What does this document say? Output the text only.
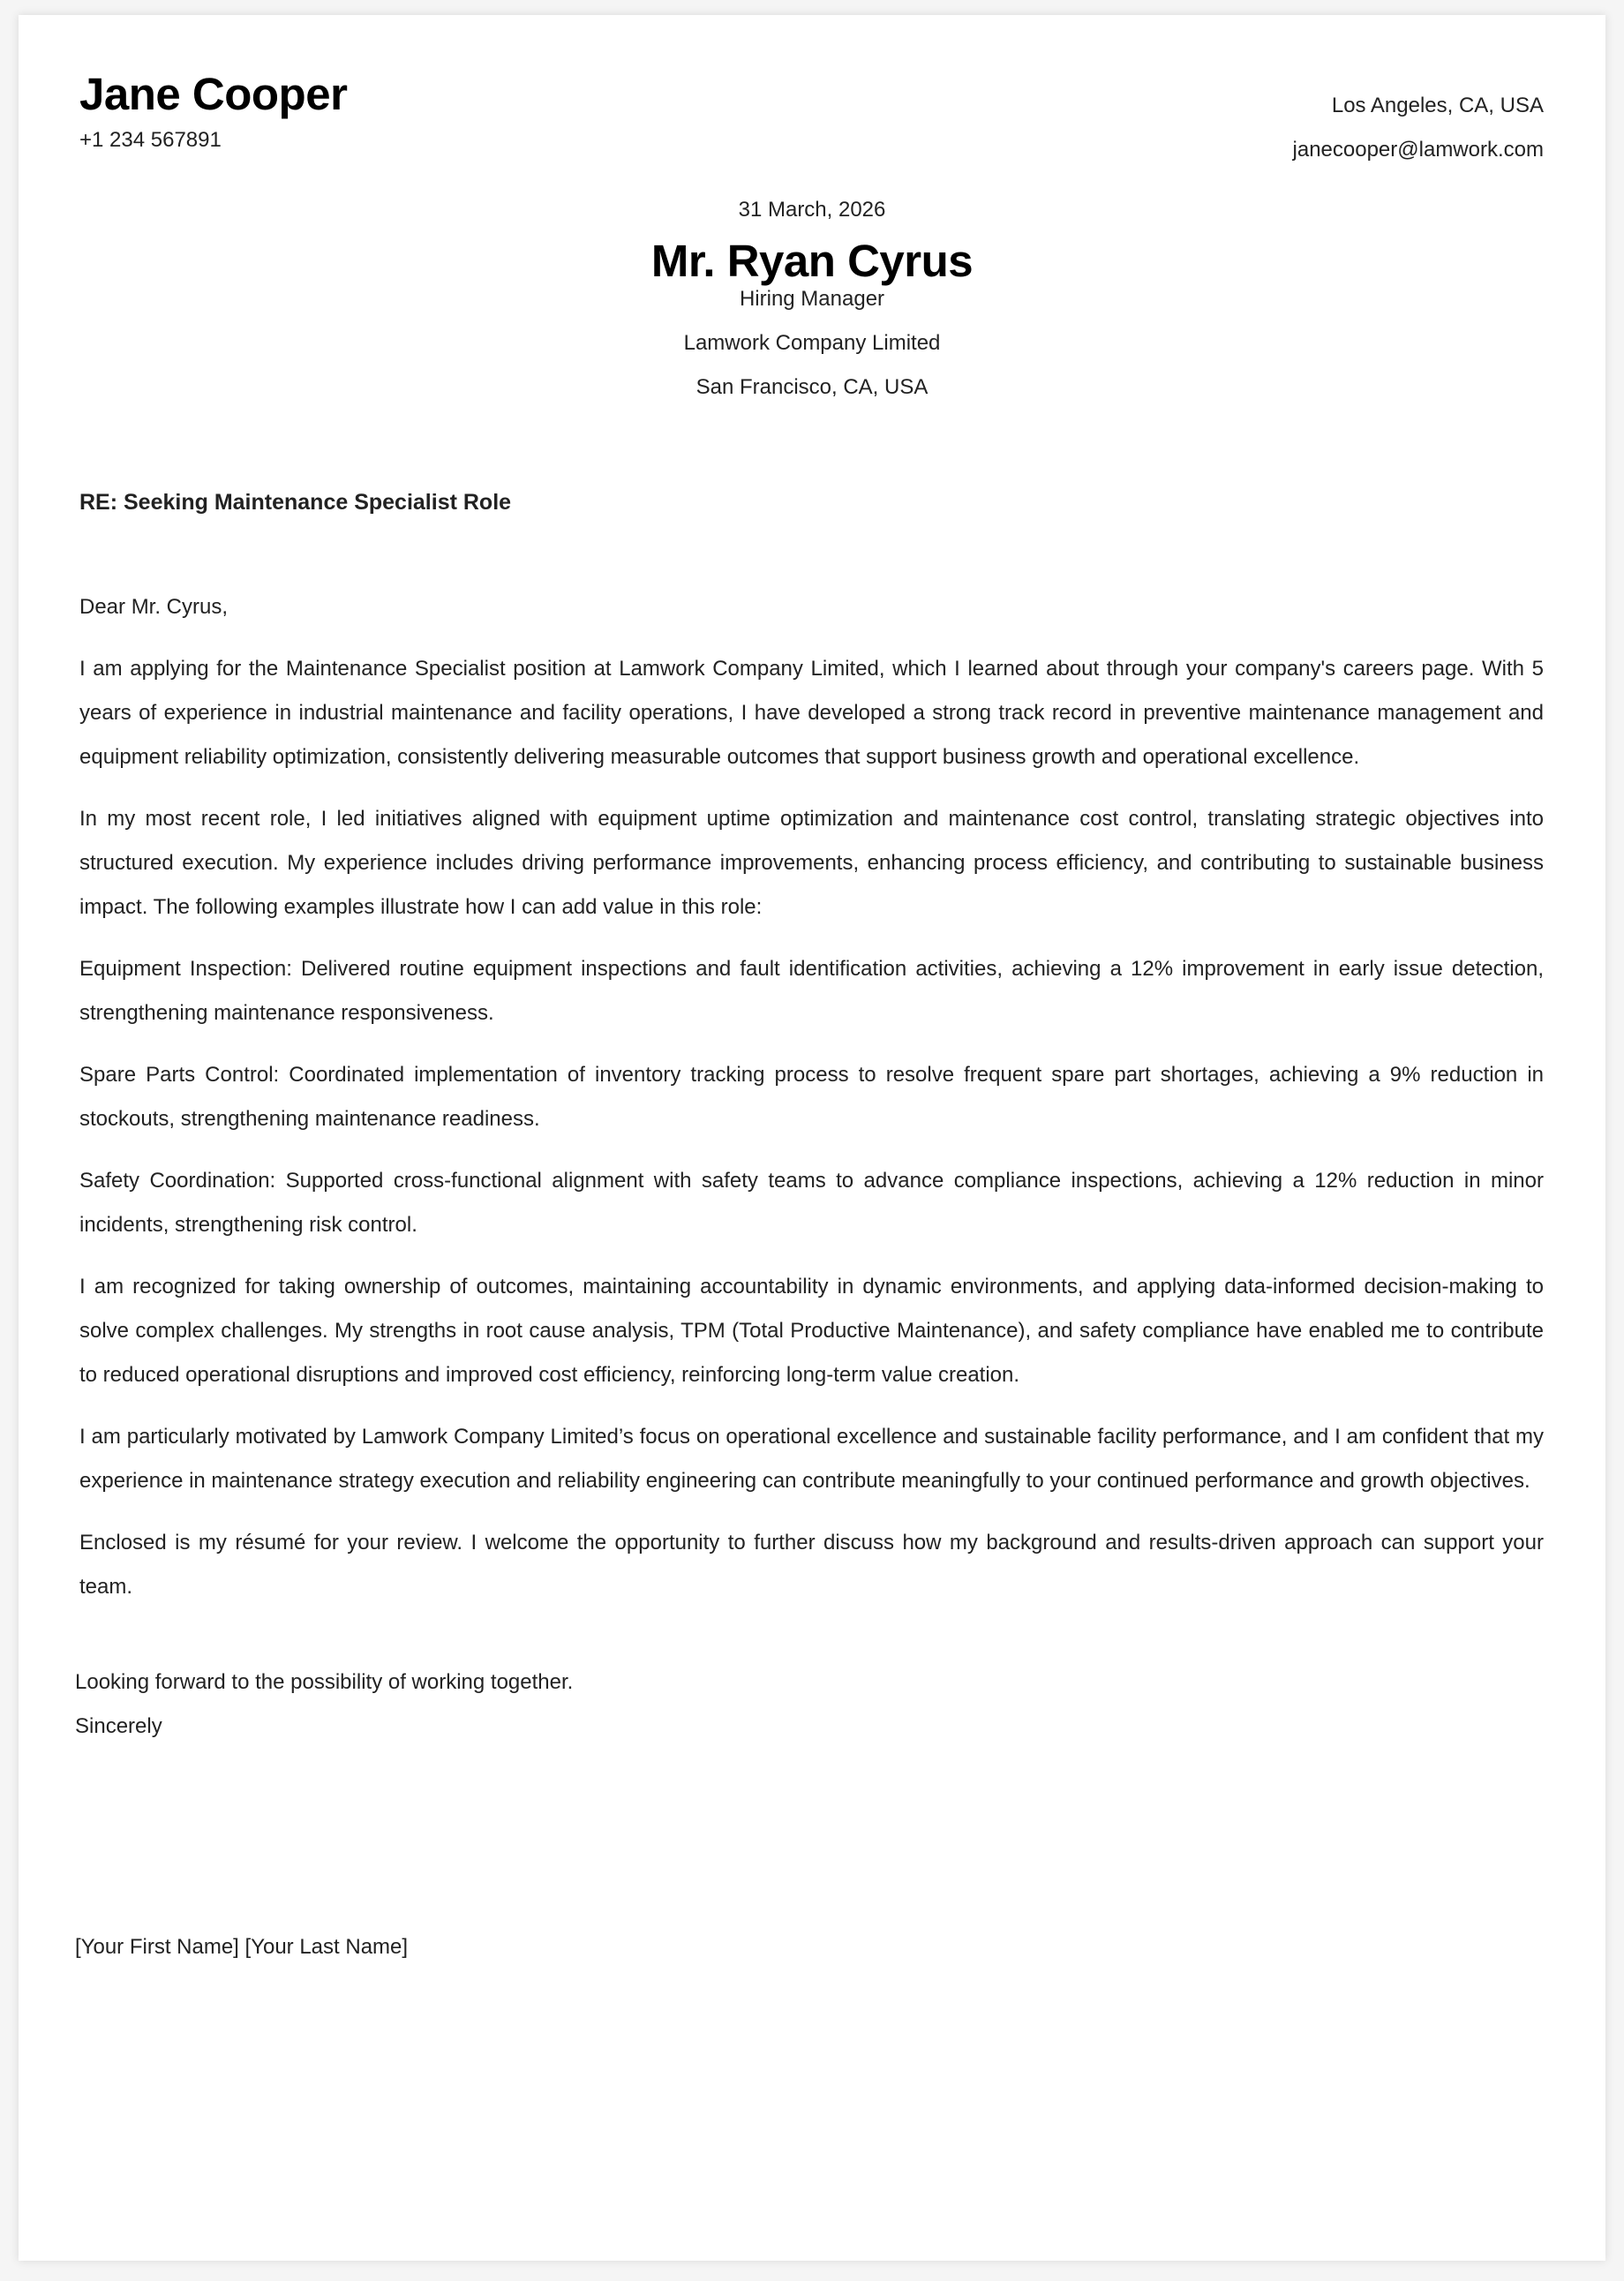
Jane Cooper
+1 234 567891
Los Angeles, CA, USA
janecooper@lamwork.com
31 March, 2026
Mr. Ryan Cyrus
Hiring Manager
Lamwork Company Limited
San Francisco, CA, USA
RE: Seeking Maintenance Specialist Role

Dear Mr. Cyrus,

I am applying for the Maintenance Specialist position at Lamwork Company Limited, which I learned about through your company's careers page. With 5 years of experience in industrial maintenance and facility operations, I have developed a strong track record in preventive maintenance management and equipment reliability optimization, consistently delivering measurable outcomes that support business growth and operational excellence.

In my most recent role, I led initiatives aligned with equipment uptime optimization and maintenance cost control, translating strategic objectives into structured execution. My experience includes driving performance improvements, enhancing process efficiency, and contributing to sustainable business impact. The following examples illustrate how I can add value in this role:

Equipment Inspection: Delivered routine equipment inspections and fault identification activities, achieving a 12% improvement in early issue detection, strengthening maintenance responsiveness.

Spare Parts Control: Coordinated implementation of inventory tracking process to resolve frequent spare part shortages, achieving a 9% reduction in stockouts, strengthening maintenance readiness.

Safety Coordination: Supported cross-functional alignment with safety teams to advance compliance inspections, achieving a 12% reduction in minor incidents, strengthening risk control.

I am recognized for taking ownership of outcomes, maintaining accountability in dynamic environments, and applying data-informed decision-making to solve complex challenges. My strengths in root cause analysis, TPM (Total Productive Maintenance), and safety compliance have enabled me to contribute to reduced operational disruptions and improved cost efficiency, reinforcing long-term value creation.

I am particularly motivated by Lamwork Company Limited’s focus on operational excellence and sustainable facility performance, and I am confident that my experience in maintenance strategy execution and reliability engineering can contribute meaningfully to your continued performance and growth objectives.

Enclosed is my résumé for your review. I welcome the opportunity to further discuss how my background and results-driven approach can support your team.

Looking forward to the possibility of working together.
Sincerely
[Your First Name] [Your Last Name]
